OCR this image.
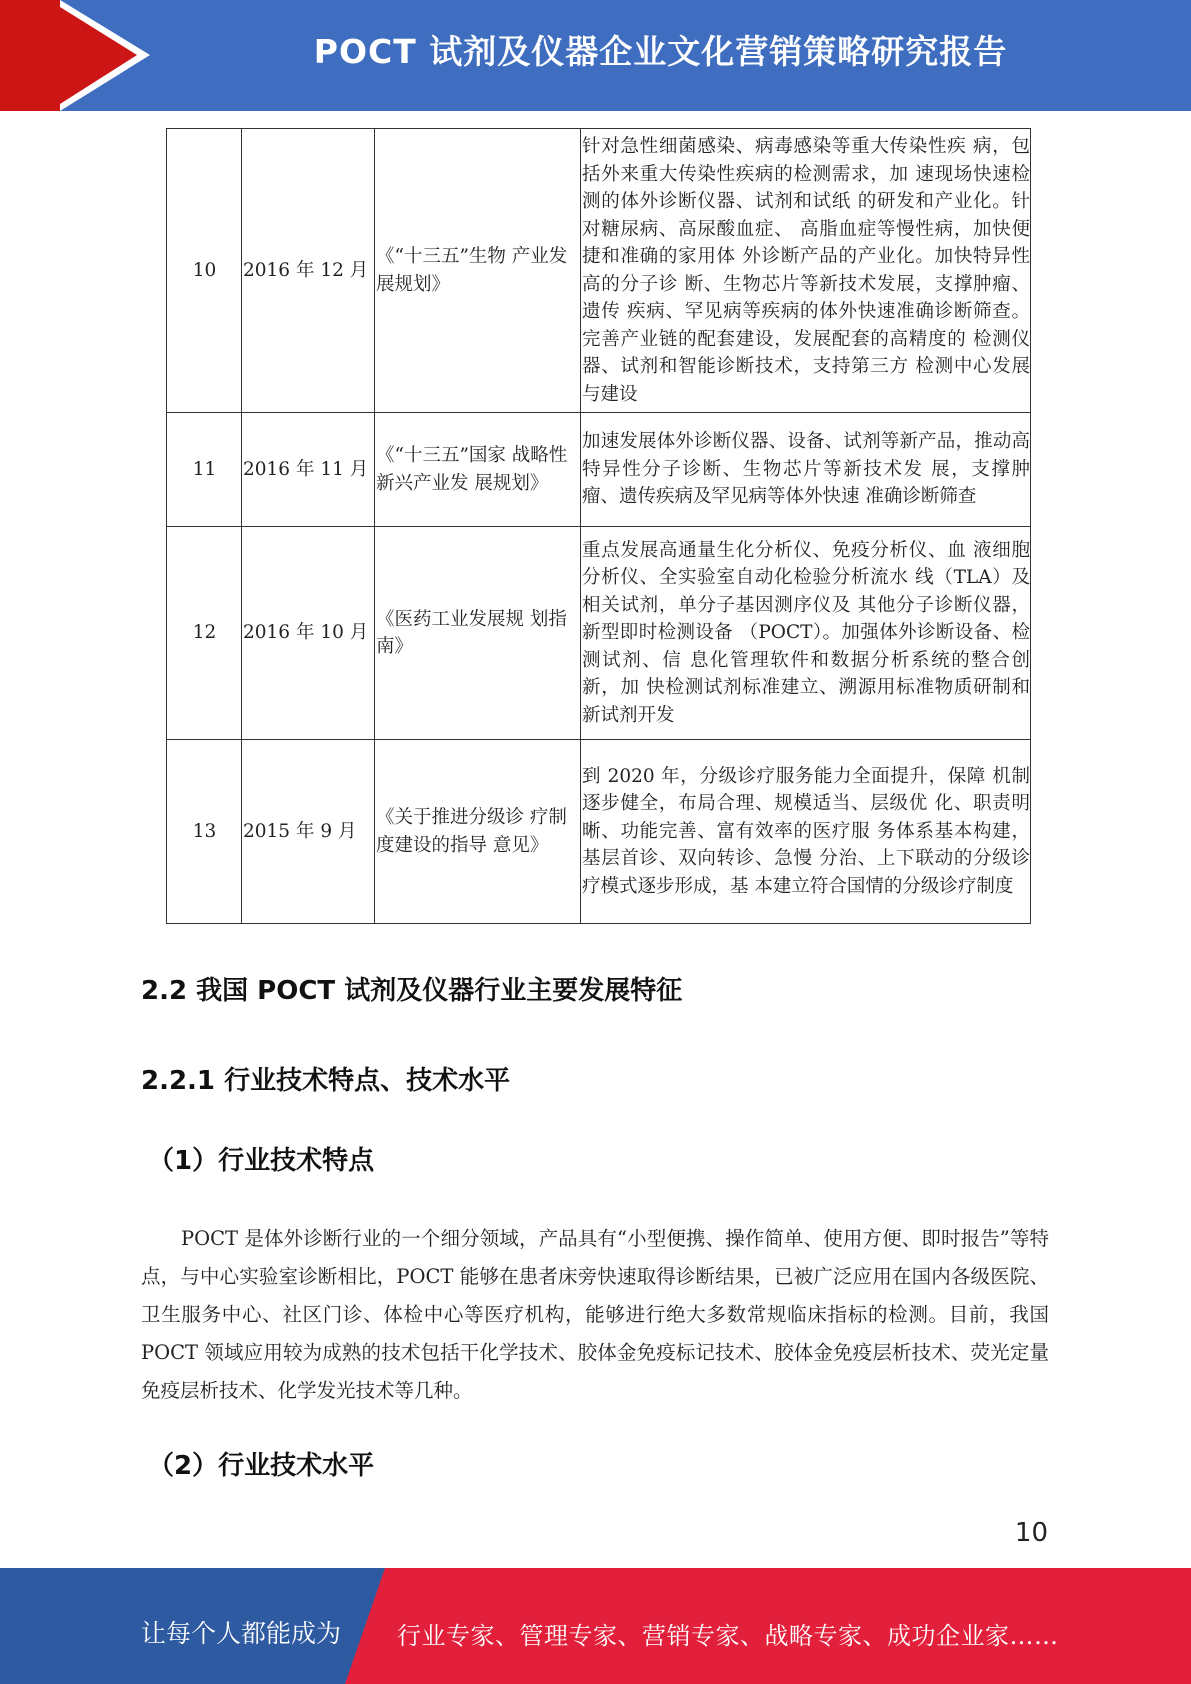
POCT 试剂及仪器企业文化营销策略研究报告
10	2016 年 12 月	《“十三五”生物 产业发展规划》	针对急性细菌感染、病毒感染等重大传染性疾 病，包括外来重大传染性疾病的检测需求，加 速现场快速检测的体外诊断仪器、试剂和试纸 的研发和产业化。针对糖尿病、高尿酸血症、 高脂血症等慢性病，加快便捷和准确的家用体 外诊断产品的产业化。加快特异性高的分子诊 断、生物芯片等新技术发展，支撑肿瘤、遗传 疾病、罕见病等疾病的体外快速准确诊断筛查。 完善产业链的配套建设，发展配套的高精度的 检测仪器、试剂和智能诊断技术，支持第三方 检测中心发展与建设
11	2016 年 11 月	《“十三五”国家 战略性新兴产业发 展规划》	加速发展体外诊断仪器、设备、试剂等新产品，推动高特异性分子诊断、生物芯片等新技术发 展，支撑肿瘤、遗传疾病及罕见病等体外快速 准确诊断筛查
12	2016 年 10 月	《医药工业发展规 划指南》	重点发展高通量生化分析仪、免疫分析仪、血 液细胞分析仪、全实验室自动化检验分析流水 线（TLA）及相关试剂，单分子基因测序仪及 其他分子诊断仪器，新型即时检测设备 （POCT）。加强体外诊断设备、检测试剂、信 息化管理软件和数据分析系统的整合创新，加 快检测试剂标准建立、溯源用标准物质研制和 新试剂开发
13	2015 年 9 月	《关于推进分级诊 疗制度建设的指导 意见》	到 2020 年，分级诊疗服务能力全面提升，保障 机制逐步健全，布局合理、规模适当、层级优 化、职责明晰、功能完善、富有效率的医疗服 务体系基本构建，基层首诊、双向转诊、急慢 分治、上下联动的分级诊疗模式逐步形成，基 本建立符合国情的分级诊疗制度
2.2 我国 POCT 试剂及仪器行业主要发展特征
2.2.1 行业技术特点、技术水平
（1）行业技术特点
POCT 是体外诊断行业的一个细分领域，产品具有“小型便携、操作简单、使用方便、即时报告”等特点，与中心实验室诊断相比，POCT 能够在患者床旁快速取得诊断结果，已被广泛应用在国内各级医院、卫生服务中心、社区门诊、体检中心等医疗机构，能够进行绝大多数常规临床指标的检测。目前，我国 POCT 领域应用较为成熟的技术包括干化学技术、胶体金免疫标记技术、胶体金免疫层析技术、荧光定量免疫层析技术、化学发光技术等几种。
（2）行业技术水平
10
让每个人都能成为 行业专家、管理专家、营销专家、战略专家、成功企业家……
